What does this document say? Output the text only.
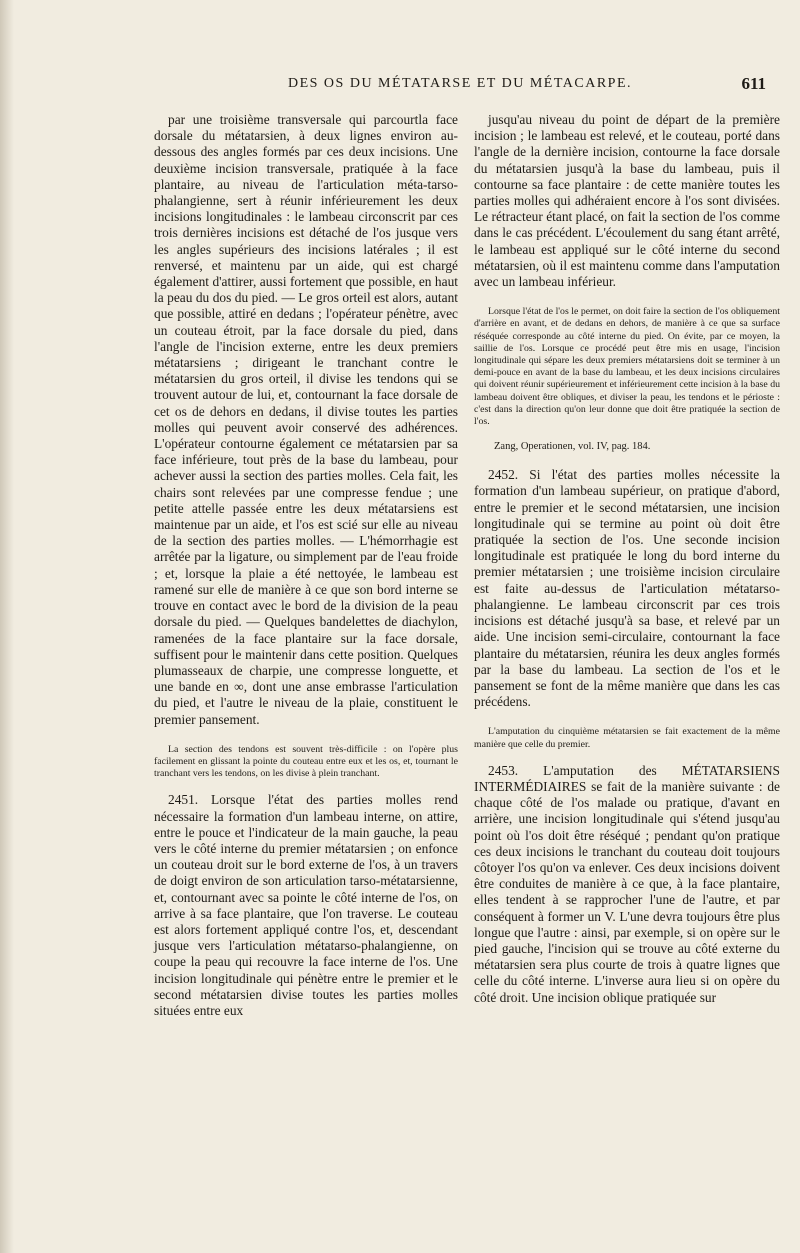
DES OS DU MÉTATARSE ET DU MÉTACARPE.	611

par une troisième transversale qui parcourtla face dorsale du métatarsien, à deux lignes environ au-dessous des angles formés par ces deux incisions. Une deuxième incision transversale, pratiquée à la face plantaire, au niveau de l'articulation méta-tarso-phalangienne, sert à réunir inférieurement les deux incisions longitudinales : le lambeau circonscrit par ces trois dernières incisions est détaché de l'os jusque vers les angles supérieurs des incisions latérales ; il est renversé, et maintenu par un aide, qui est chargé également d'attirer, aussi fortement que possible, en haut la peau du dos du pied. — Le gros orteil est alors, autant que possible, attiré en dedans ; l'opérateur pénètre, avec un couteau étroit, par la face dorsale du pied, dans l'angle de l'incision externe, entre les deux premiers métatarsiens ; dirigeant le tranchant contre le métatarsien du gros orteil, il divise les tendons qui se trouvent autour de lui, et, contournant la face dorsale de cet os de dehors en dedans, il divise toutes les parties molles qui peuvent avoir conservé des adhérences. L'opérateur contourne également ce métatarsien par sa face inférieure, tout près de la base du lambeau, pour achever aussi la section des parties molles. Cela fait, les chairs sont relevées par une compresse fendue ; une petite attelle passée entre les deux métatarsiens est maintenue par un aide, et l'os est scié sur elle au niveau de la section des parties molles. — L'hémorrhagie est arrêtée par la ligature, ou simplement par de l'eau froide ; et, lorsque la plaie a été nettoyée, le lambeau est ramené sur elle de manière à ce que son bord interne se trouve en contact avec le bord de la division de la peau dorsale du pied. — Quelques bandelettes de diachylon, ramenées de la face plantaire sur la face dorsale, suffisent pour le maintenir dans cette position. Quelques plumasseaux de charpie, une compresse longuette, et une bande en ∞, dont une anse embrasse l'articulation du pied, et l'autre le niveau de la plaie, constituent le premier pansement.

La section des tendons est souvent très-difficile : on l'opère plus facilement en glissant la pointe du couteau entre eux et les os, et, tournant le tranchant vers les tendons, on les divise à plein tranchant.

2451. Lorsque l'état des parties molles rend nécessaire la formation d'un lambeau interne, on attire, entre le pouce et l'indicateur de la main gauche, la peau vers le côté interne du premier métatarsien ; on enfonce un couteau droit sur le bord externe de l'os, à un travers de doigt environ de son articulation tarso-métatarsienne, et, contournant avec sa pointe le côté interne de l'os, on arrive à sa face plantaire, que l'on traverse. Le couteau est alors fortement appliqué contre l'os, et, descendant jusque vers l'articulation métatarso-phalangienne, on coupe la peau qui recouvre la face interne de l'os. Une incision longitudinale qui pénètre entre le premier et le second métatarsien divise toutes les parties molles situées entre eux

jusqu'au niveau du point de départ de la première incision ; le lambeau est relevé, et le couteau, porté dans l'angle de la dernière incision, contourne la face dorsale du métatarsien jusqu'à la base du lambeau, puis il contourne sa face plantaire : de cette manière toutes les parties molles qui adhéraient encore à l'os sont divisées. Le rétracteur étant placé, on fait la section de l'os comme dans le cas précédent. L'écoulement du sang étant arrêté, le lambeau est appliqué sur le côté interne du second métatarsien, où il est maintenu comme dans l'amputation avec un lambeau inférieur.

Lorsque l'état de l'os le permet, on doit faire la section de l'os obliquement d'arrière en avant, et de dedans en dehors, de manière à ce que sa surface réséquée corresponde au côté interne du pied. On évite, par ce moyen, la saillie de l'os. Lorsque ce procédé peut être mis en usage, l'incision longitudinale qui sépare les deux premiers métatarsiens doit se terminer à un demi-pouce en avant de la base du lambeau, et les deux incisions circulaires qui doivent réunir supérieurement et inférieurement cette incision à la base du lambeau doivent être obliques, et diviser la peau, les tendons et le périoste : c'est dans la direction qu'on leur donne que doit être pratiquée la section de l'os.

Zang, Operationen, vol. IV, pag. 184.

2452. Si l'état des parties molles nécessite la formation d'un lambeau supérieur, on pratique d'abord, entre le premier et le second métatarsien, une incision longitudinale qui se termine au point où doit être pratiquée la section de l'os. Une seconde incision longitudinale est pratiquée le long du bord interne du premier métatarsien ; une troisième incision circulaire est faite au-dessus de l'articulation métatarso-phalangienne. Le lambeau circonscrit par ces trois incisions est détaché jusqu'à sa base, et relevé par un aide. Une incision semi-circulaire, contournant la face plantaire du métatarsien, réunira les deux angles formés par la base du lambeau. La section de l'os et le pansement se font de la même manière que dans les cas précédens.

L'amputation du cinquième métatarsien se fait exactement de la même manière que celle du premier.

2453. L'amputation des MÉTATARSIENS INTERMÉDIAIRES se fait de la manière suivante : de chaque côté de l'os malade ou pratique, d'avant en arrière, une incision longitudinale qui s'étend jusqu'au point où l'os doit être réséqué ; pendant qu'on pratique ces deux incisions le tranchant du couteau doit toujours côtoyer l'os qu'on va enlever. Ces deux incisions doivent être conduites de manière à ce que, à la face plantaire, elles tendent à se rapprocher l'une de l'autre, et par conséquent à former un V. L'une devra toujours être plus longue que l'autre : ainsi, par exemple, si on opère sur le pied gauche, l'incision qui se trouve au côté externe du métatarsien sera plus courte de trois à quatre lignes que celle du côté interne. L'inverse aura lieu si on opère du côté droit. Une incision oblique pratiquée sur
